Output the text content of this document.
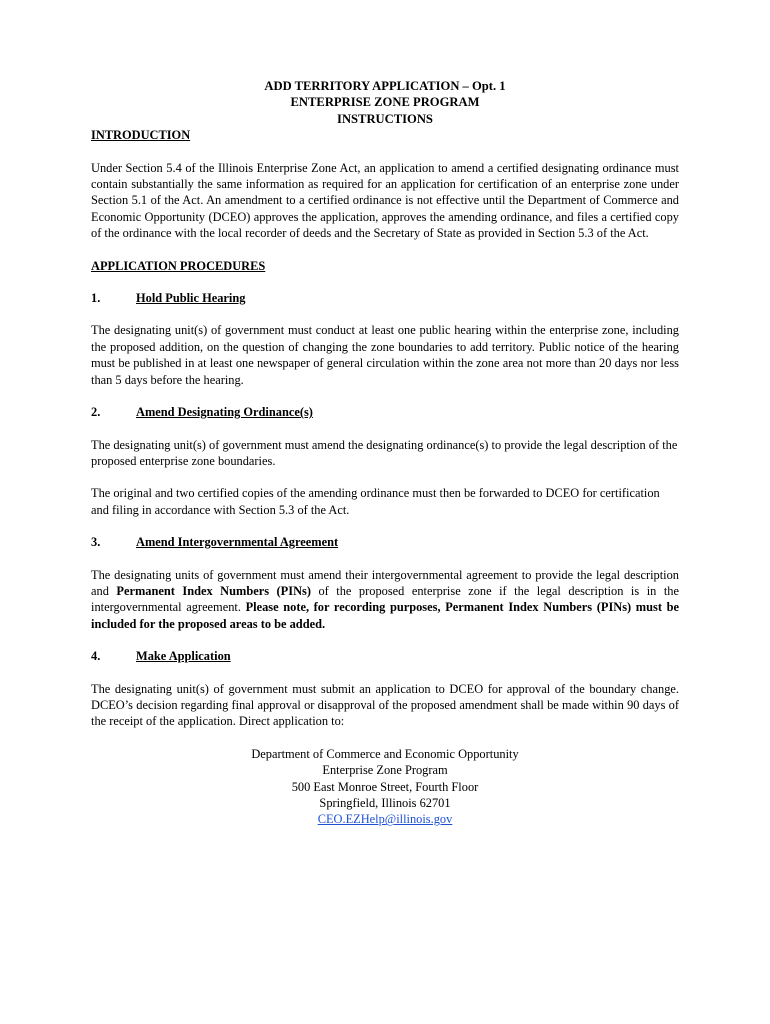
ADD TERRITORY APPLICATION – Opt. 1
ENTERPRISE ZONE PROGRAM
INSTRUCTIONS
INTRODUCTION

Under Section 5.4 of the Illinois Enterprise Zone Act, an application to amend a certified designating ordinance must contain substantially the same information as required for an application for certification of an enterprise zone under Section 5.1 of the Act. An amendment to a certified ordinance is not effective until the Department of Commerce and Economic Opportunity (DCEO) approves the application, approves the amending ordinance, and files a certified copy of the ordinance with the local recorder of deeds and the Secretary of State as provided in Section 5.3 of the Act.

APPLICATION PROCEDURES
1.	Hold Public Hearing

The designating unit(s) of government must conduct at least one public hearing within the enterprise zone, including the proposed addition, on the question of changing the zone boundaries to add territory. Public notice of the hearing must be published in at least one newspaper of general circulation within the zone area not more than 20 days nor less than 5 days before the hearing.

2.	Amend Designating Ordinance(s)

The designating unit(s) of government must amend the designating ordinance(s) to provide the legal description of the proposed enterprise zone boundaries.

The original and two certified copies of the amending ordinance must then be forwarded to DCEO for certification and filing in accordance with Section 5.3 of the Act.

3.	Amend Intergovernmental Agreement

The designating units of government must amend their intergovernmental agreement to provide the legal description and Permanent Index Numbers (PINs) of the proposed enterprise zone if the legal description is in the intergovernmental agreement. Please note, for recording purposes, Permanent Index Numbers (PINs) must be included for the proposed areas to be added.

4.	Make Application

The designating unit(s) of government must submit an application to DCEO for approval of the boundary change. DCEO’s decision regarding final approval or disapproval of the proposed amendment shall be made within 90 days of the receipt of the application. Direct application to:

Department of Commerce and Economic Opportunity
Enterprise Zone Program
500 East Monroe Street, Fourth Floor
Springfield, Illinois 62701
CEO.EZHelp@illinois.gov
